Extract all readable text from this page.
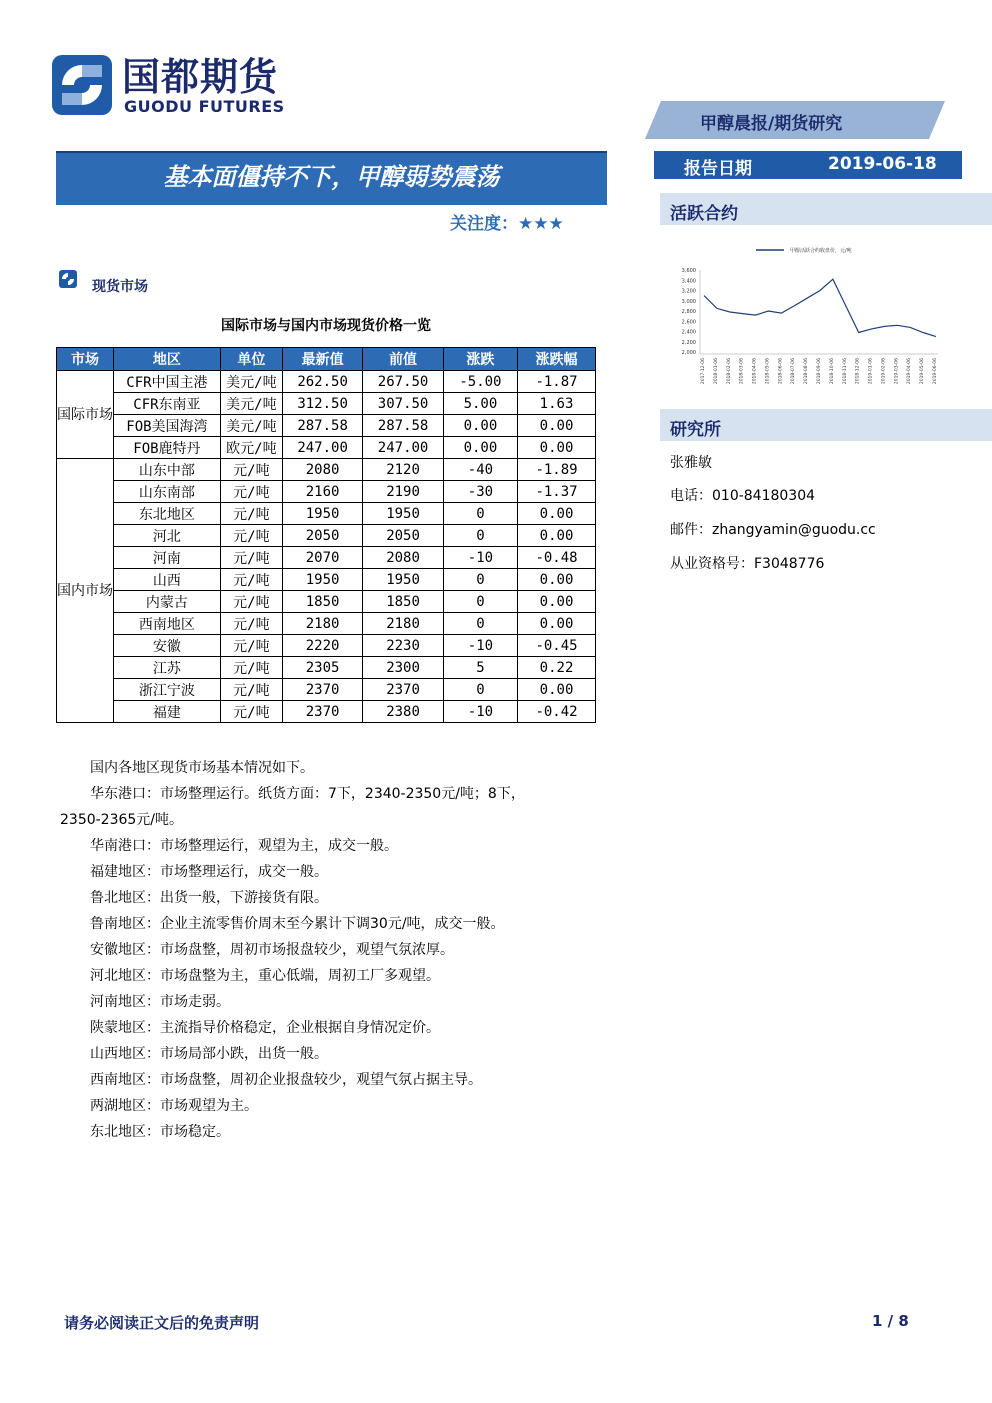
国都期货
GUODU FUTURES
甲醇晨报/期货研究
基本面僵持不下，甲醇弱势震荡
关注度：★★★
报告日期	2019-06-18
活跃合约
甲醇活跃合约收盘价，元/吨
3,600
3,400
3,200
3,000
2,800
2,600
2,400
2,200
2,000
2017-12-06 2018-01-06 2018-02-06 2018-03-06 2018-04-06 2018-05-06 2018-06-06 2018-07-06 2018-08-06 2018-09-06 2018-10-06 2018-11-06 2018-12-06 2019-01-06 2019-02-06 2019-03-06 2019-04-06 2019-05-06 2019-06-06
研究所
张雅敏
电话：010-84180304
邮件：zhangyamin@guodu.cc
从业资格号：F3048776
现货市场
国际市场与国内市场现货价格一览
市场	地区	单位	最新值	前值	涨跌	涨跌幅
国际市场	CFR中国主港	美元/吨	262.50	267.50	-5.00	-1.87
	CFR东南亚	美元/吨	312.50	307.50	5.00	1.63
	FOB美国海湾	美元/吨	287.58	287.58	0.00	0.00
	FOB鹿特丹	欧元/吨	247.00	247.00	0.00	0.00
国内市场	山东中部	元/吨	2080	2120	-40	-1.89
	山东南部	元/吨	2160	2190	-30	-1.37
	东北地区	元/吨	1950	1950	0	0.00
	河北	元/吨	2050	2050	0	0.00
	河南	元/吨	2070	2080	-10	-0.48
	山西	元/吨	1950	1950	0	0.00
	内蒙古	元/吨	1850	1850	0	0.00
	西南地区	元/吨	2180	2180	0	0.00
	安徽	元/吨	2220	2230	-10	-0.45
	江苏	元/吨	2305	2300	5	0.22
	浙江宁波	元/吨	2370	2370	0	0.00
	福建	元/吨	2370	2380	-10	-0.42

国内各地区现货市场基本情况如下。

华东港口：市场整理运行。纸货方面：7下，2340-2350元/吨；8下，

2350-2365元/吨。

华南港口：市场整理运行，观望为主，成交一般。

福建地区：市场整理运行，成交一般。

鲁北地区：出货一般，下游接货有限。

鲁南地区：企业主流零售价周末至今累计下调30元/吨，成交一般。

安徽地区：市场盘整，周初市场报盘较少，观望气氛浓厚。

河北地区：市场盘整为主，重心低端，周初工厂多观望。

河南地区：市场走弱。

陕蒙地区：主流指导价格稳定，企业根据自身情况定价。

山西地区：市场局部小跌，出货一般。

西南地区：市场盘整，周初企业报盘较少，观望气氛占据主导。

两湖地区：市场观望为主。

东北地区：市场稳定。

请务必阅读正文后的免责声明	1 / 8
